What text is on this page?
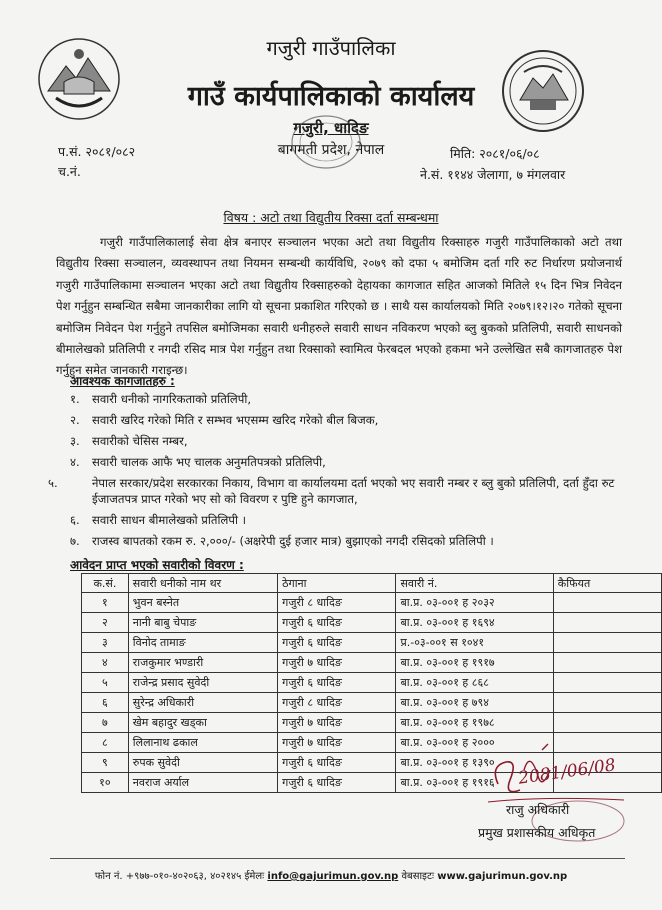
गजुरी गाउँपालिका
गाउँ कार्यपालिकाको कार्यालय
गजुरी, धादिङ
बागमती प्रदेश, नेपाल
प.सं. २०८१/०८२
च.नं.
मिति: २०८१/०६/०८
ने.सं. ११४४ जेलागा, ७ मंगलवार
विषय : अटो तथा विद्युतीय रिक्सा दर्ता सम्बन्धमा
गजुरी गाउँपालिकालाई सेवा क्षेत्र बनाएर सञ्चालन भएका अटो तथा विद्युतीय रिक्साहरु गजुरी गाउँपालिकाको अटो तथा विद्युतीय रिक्सा सञ्चालन, व्यवस्थापन तथा नियमन सम्बन्धी कार्यविधि, २०७९ को दफा ५ बमोजिम दर्ता गरि रुट निर्धारण प्रयोजनार्थ गजुरी गाउँपालिकामा सञ्चालन भएका अटो तथा विद्युतीय रिक्साहरुको देहायका कागजात सहित आजको मितिले १५ दिन भित्र निवेदन पेश गर्नुहुन सम्बन्धित सबैमा जानकारीका लागि यो सूचना प्रकाशित गरिएको छ । साथै यस कार्यालयको मिति २०७९।१२।२० गतेको सूचना बमोजिम निवेदन पेश गर्नुहुने तपसिल बमोजिमका सवारी धनीहरुले सवारी साधन नविकरण भएको ब्लु बुकको प्रतिलिपी, सवारी साधनको बीमालेखको प्रतिलिपी र नगदी रसिद मात्र पेश गर्नुहुन तथा रिक्साको स्वामित्व फेरबदल भएको हकमा भने उल्लेखित सबै कागजातहरु पेश गर्नुहुन समेत जानकारी गराइन्छ।
आवश्यक कागजातहरु :
१. सवारी धनीको नागरिकताको प्रतिलिपी,
२. सवारी खरिद गरेको मिति र सम्भव भएसम्म खरिद गरेको बील बिजक,
३. सवारीको चेसिस नम्बर,
४. सवारी चालक आफै भए चालक अनुमतिपत्रको प्रतिलिपी,
५.	नेपाल सरकार/प्रदेश सरकारका निकाय, विभाग वा कार्यालयमा दर्ता भएको भए सवारी नम्बर र ब्लु बुको प्रतिलिपी, दर्ता हुँदा रुट ईजाजतपत्र प्राप्त गरेको भए सो को विवरण र पुष्टि हुने कागजात,
६. सवारी साधन बीमालेखको प्रतिलिपी ।
७. राजस्व बापतको रकम रु. २,०००/- (अक्षरेपी दुई हजार मात्र) बुझाएको नगदी रसिदको प्रतिलिपी ।
आवेदन प्राप्त भएको सवारीको विवरण :
क.सं.	सवारी धनीको नाम थर	ठेगाना	सवारी नं.	कैफियत
१	भुवन बस्नेत	गजुरी ८ धादिङ	बा.प्र. ०३-००१ ह २०३२	
२	नानी बाबु चेपाङ	गजुरी ६ धादिङ	बा.प्र. ०३-००१ ह १६९४	
३	विनोद तामाङ	गजुरी ६ धादिङ	प्र.-०३-००१ स १०४१	
४	राजकुमार भण्डारी	गजुरी ७ धादिङ	बा.प्र. ०३-००१ ह १९१७	
५	राजेन्द्र प्रसाद सुवेदी	गजुरी ६ धादिङ	बा.प्र. ०३-००१ ह ८६८	
६	सुरेन्द्र अधिकारी	गजुरी ८ धादिङ	बा.प्र. ०३-००१ ह ७९४	
७	खेम बहादुर खड्का	गजुरी ७ धादिङ	बा.प्र. ०३-००१ ह १९७८	
८	लिलानाथ ढकाल	गजुरी ७ धादिङ	बा.प्र. ०३-००१ ह २०००	
९	रुपक सुवेदी	गजुरी ६ धादिङ	बा.प्र. ०३-००१ ह १३९०	
१०	नवराज अर्याल	गजुरी ६ धादिङ	बा.प्र. ०३-००१ ह १९१६	2081/06/08
राजु अधिकारी
प्रमुख प्रशासकीय अधिकृत
फोन नं. +९७७-०१०-४०२०६३, ४०२१४५ ईमेलः info@gajurimun.gov.np वेबसाइटः www.gajurimun.gov.np
